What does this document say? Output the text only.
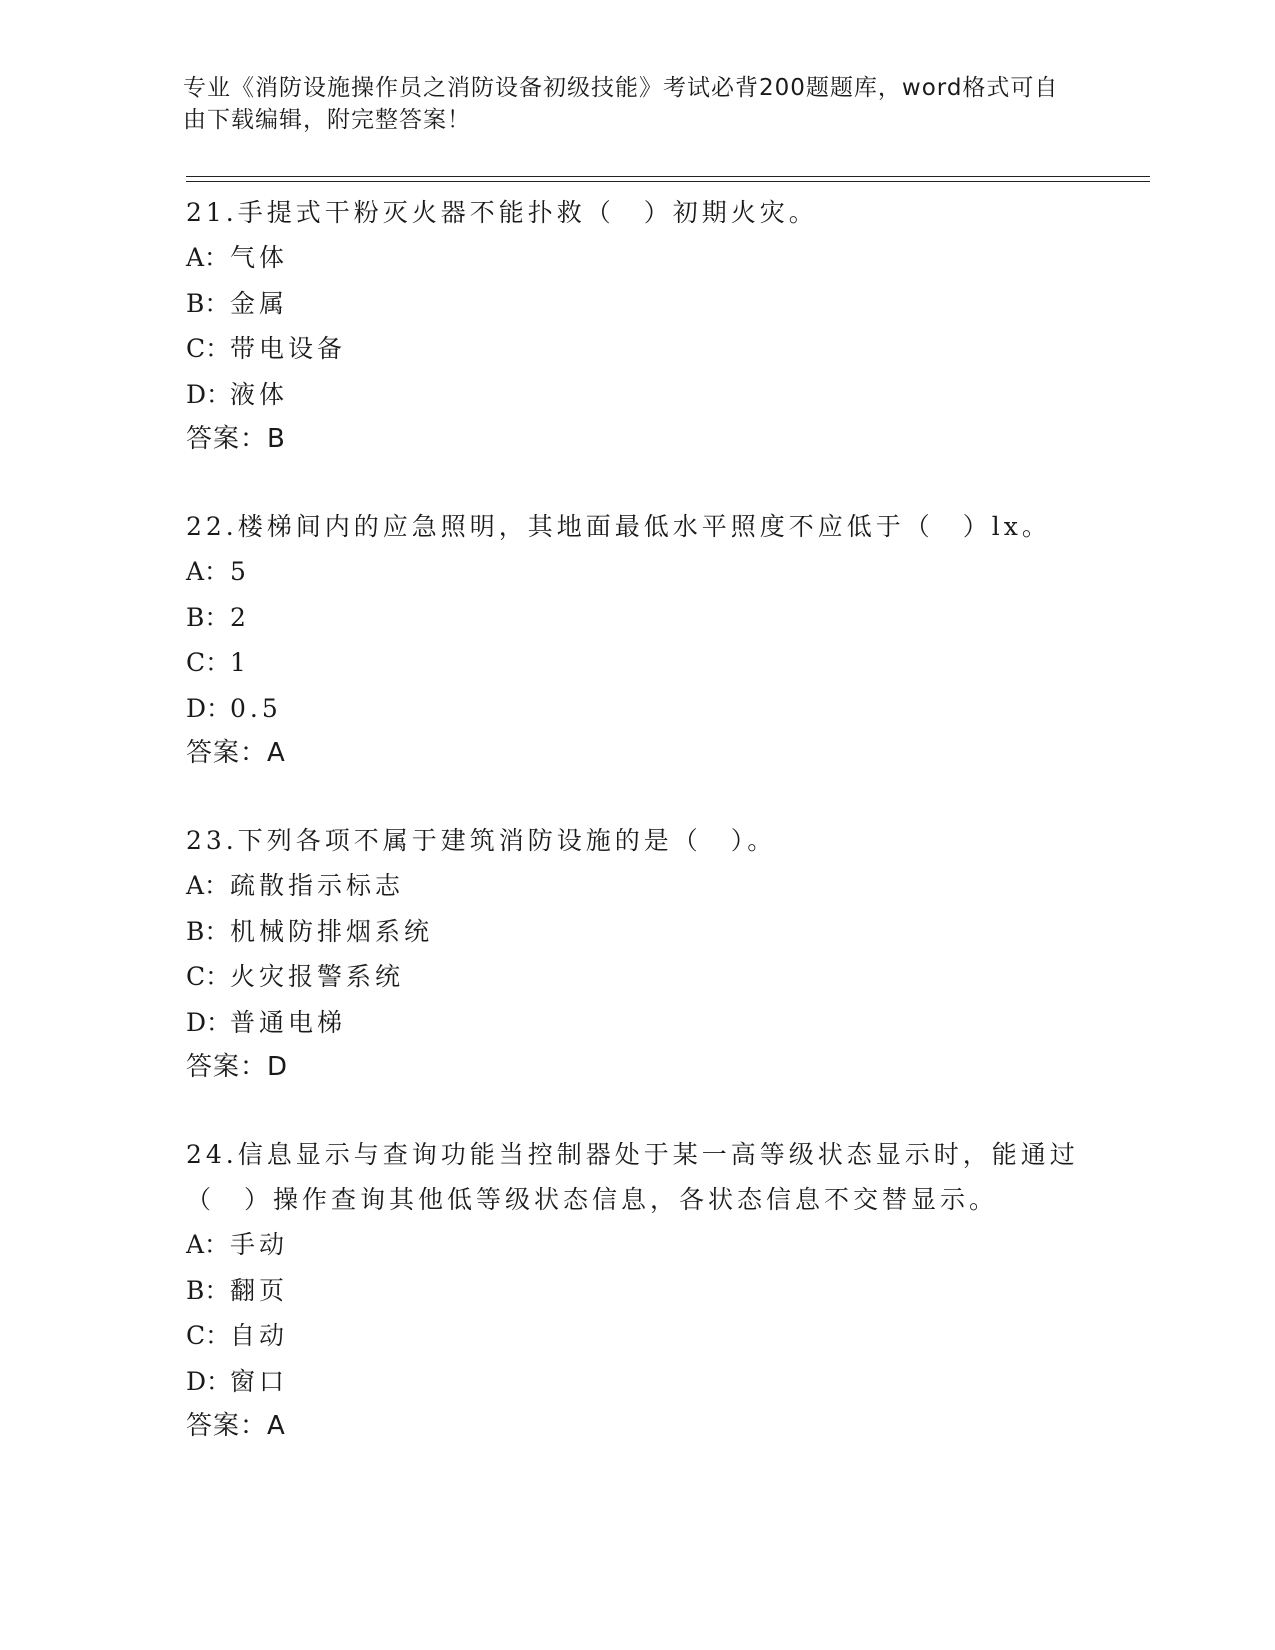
专业《消防设施操作员之消防设备初级技能》考试必背200题题库，word格式可自由下载编辑，附完整答案！
21.手提式干粉灭火器不能扑救（　）初期火灾。
A：气体
B：金属
C：带电设备
D：液体
答案：B
22.楼梯间内的应急照明，其地面最低水平照度不应低于（　）lx。
A：5
B：2
C：1
D：0.5
答案：A
23.下列各项不属于建筑消防设施的是（　）。
A：疏散指示标志
B：机械防排烟系统
C：火灾报警系统
D：普通电梯
答案：D
24.信息显示与查询功能当控制器处于某一高等级状态显示时，能通过（　）操作查询其他低等级状态信息，各状态信息不交替显示。
A：手动
B：翻页
C：自动
D：窗口
答案：A
